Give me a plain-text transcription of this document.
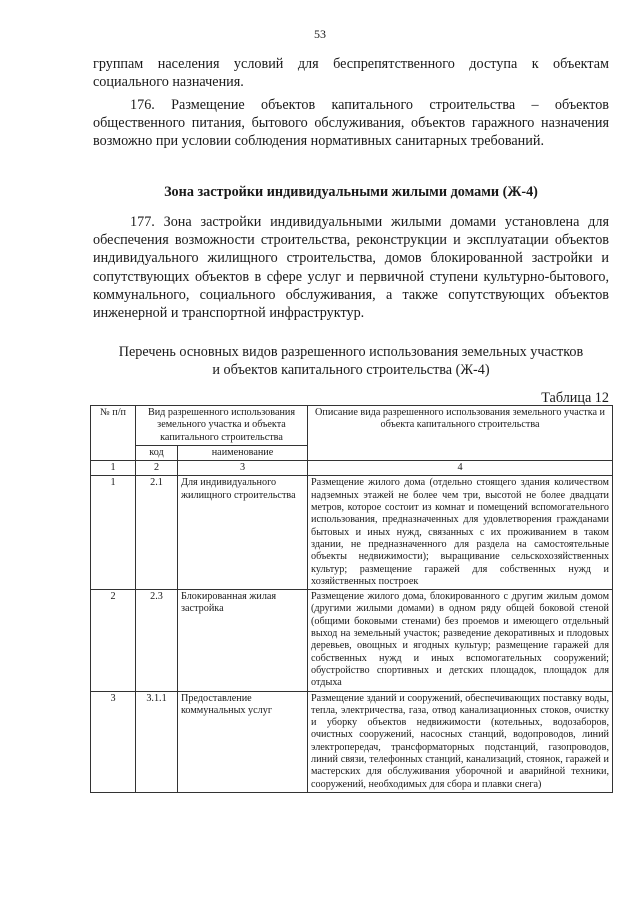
53

группам населения условий для беспрепятственного доступа к объектам социального назначения.

176. Размещение объектов капитального строительства – объектов общественного питания, бытового обслуживания, объектов гаражного назначения возможно при условии соблюдения нормативных санитарных требований.

Зона застройки индивидуальными жилыми домами (Ж-4)

177. Зона застройки индивидуальными жилыми домами установлена для обеспечения возможности строительства, реконструкции и эксплуатации объектов индивидуального жилищного строительства, домов блокированной застройки и сопутствующих объектов в сфере услуг и первичной ступени культурно-бытового, коммунального, социального обслуживания, а также сопутствующих объектов инженерной и транспортной инфраструктур.

Перечень основных видов разрешенного использования земельных участков
и объектов капитального строительства (Ж-4)
Таблица 12
№ п/п	Вид разрешенного использования земельного участка и объекта капитального строительства		Описание вида разрешенного использования земельного участка и объекта капитального строительства
	код	наименование	
1	2	3	4
1	2.1	Для индивидуального жилищного строительства	Размещение жилого дома (отдельно стоящего здания количеством надземных этажей не более чем три, высотой не более двадцати метров, которое состоит из комнат и помещений вспомогательного использования, предназначенных для удовлетворения гражданами бытовых и иных нужд, связанных с их проживанием в таком здании, не предназначенного для раздела на самостоятельные объекты недвижимости); выращивание сельскохозяйственных культур; размещение гаражей для собственных нужд и хозяйственных построек
2	2.3	Блокированная жилая застройка	Размещение жилого дома, блокированного с другим жилым домом (другими жилыми домами) в одном ряду общей боковой стеной (общими боковыми стенами) без проемов и имеющего отдельный выход на земельный участок; разведение декоративных и плодовых деревьев, овощных и ягодных культур; размещение гаражей для собственных нужд и иных вспомогательных сооружений; обустройство спортивных и детских площадок, площадок для отдыха
3	3.1.1	Предоставление коммунальных услуг	Размещение зданий и сооружений, обеспечивающих поставку воды, тепла, электричества, газа, отвод канализационных стоков, очистку и уборку объектов недвижимости (котельных, водозаборов, очистных сооружений, насосных станций, водопроводов, линий электропередач, трансформаторных подстанций, газопроводов, линий связи, телефонных станций, канализаций, стоянок, гаражей и мастерских для обслуживания уборочной и аварийной техники, сооружений, необходимых для сбора и плавки снега)
